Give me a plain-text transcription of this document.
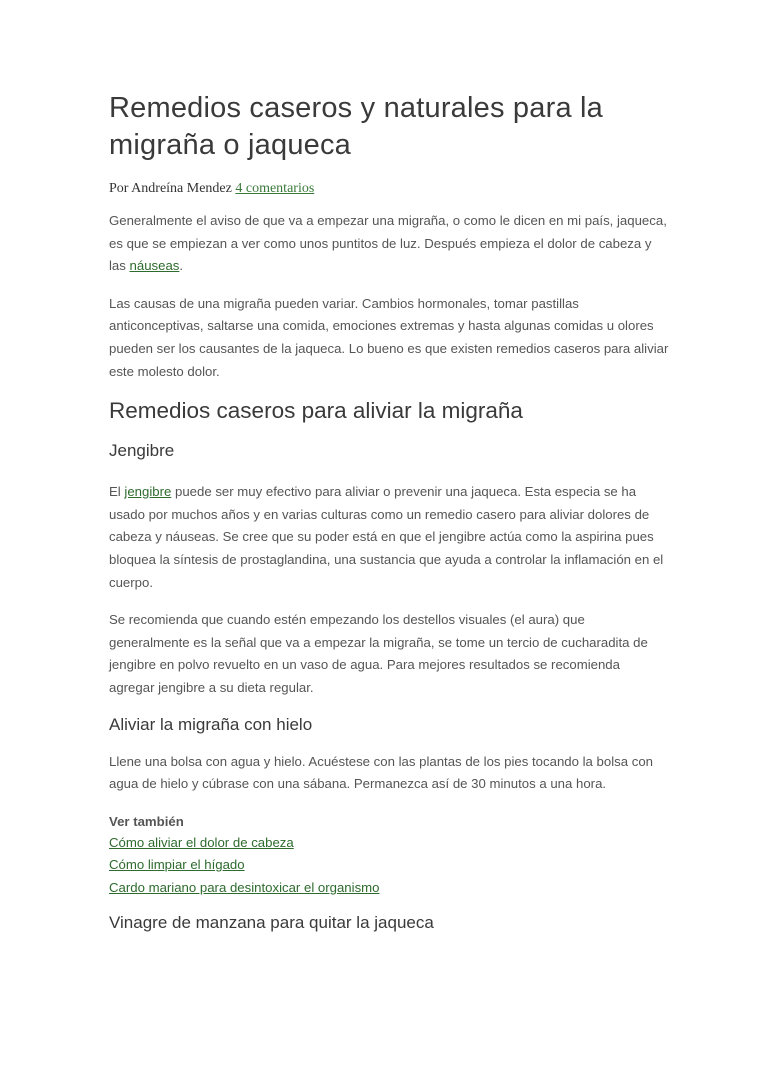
Remedios caseros y naturales para la migraña o jaqueca
Por Andreína Mendez 4 comentarios

Generalmente el aviso de que va a empezar una migraña, o como le dicen en mi país, jaqueca, es que se empiezan a ver como unos puntitos de luz. Después empieza el dolor de cabeza y las náuseas.

Las causas de una migraña pueden variar. Cambios hormonales, tomar pastillas anticonceptivas, saltarse una comida, emociones extremas y hasta algunas comidas u olores pueden ser los causantes de la jaqueca. Lo bueno es que existen remedios caseros para aliviar este molesto dolor.

Remedios caseros para aliviar la migraña
Jengibre

El jengibre puede ser muy efectivo para aliviar o prevenir una jaqueca. Esta especia se ha usado por muchos años y en varias culturas como un remedio casero para aliviar dolores de cabeza y náuseas. Se cree que su poder está en que el jengibre actúa como la aspirina pues bloquea la síntesis de prostaglandina, una sustancia que ayuda a controlar la inflamación en el cuerpo.

Se recomienda que cuando estén empezando los destellos visuales (el aura) que generalmente es la señal que va a empezar la migraña, se tome un tercio de cucharadita de jengibre en polvo revuelto en un vaso de agua. Para mejores resultados se recomienda agregar jengibre a su dieta regular.

Aliviar la migraña con hielo

Llene una bolsa con agua y hielo. Acuéstese con las plantas de los pies tocando la bolsa con agua de hielo y cúbrase con una sábana. Permanezca así de 30 minutos a una hora.

Ver también
Cómo aliviar el dolor de cabeza
Cómo limpiar el hígado
Cardo mariano para desintoxicar el organismo
Vinagre de manzana para quitar la jaqueca
